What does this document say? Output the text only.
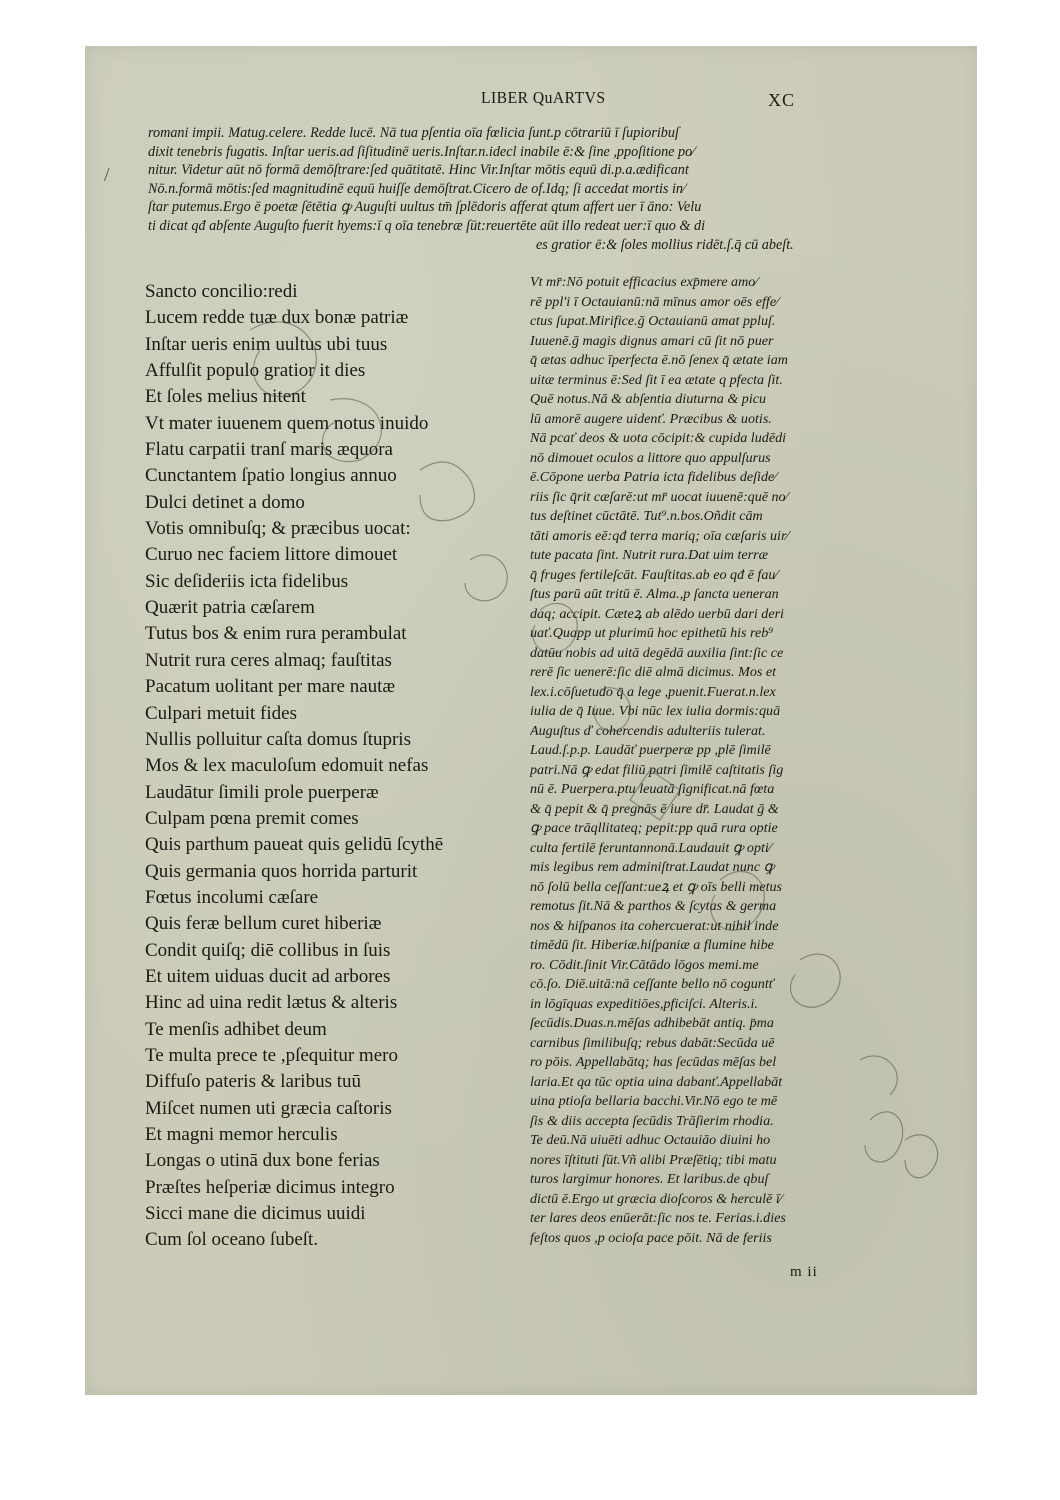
/
LIBER QuARTVS	XC
romani impii. Matug.celere. Redde lucē. Nā tua pſentia oīa fœlicia ſunt.p cōtrariū ī ſupioribuſ
dixit tenebris fugatis. Inſtar ueris.ad ſiſitudinē ueris.Inſtar.n.idecl inabile ē:& ſine ,ppoſitione po⁄
nitur. Videtur aūt nō formā demōſtrare:ſed quātitatē. Hinc Vir.Inſtar mōtis equū di.p.a.ædificant
Nō.n.formā mōtis:ſed magnitudinē equū huiſſe demōſtrat.Cicero de of.Idq; ſi accedat mortis in⁄
ſtar putemus.Ergo ē poetæ ſētētia ꝙ Auguſti uultus tm̄ ſplēdoris afferat qtum affert uer ī āno: Velu
ti dicat qđ abſente Auguſto fuerit hyems:ī q oīa tenebræ ſūt:reuertēte aūt illo redeat uer:ī quo & di
es gratior ē:& ſoles mollius ridēt.ſ.q̄ cū abeſt.
Sancto concilio:redi
Lucem redde tuæ dux bonæ patriæ
Inſtar ueris enim uultus ubi tuus
Affulſit populo gratior it dies
Et ſoles melius nitent
Vt mater iuuenem quem notus inuido
Flatu carpatii tranſ maris æquora
Cunctantem ſpatio longius annuo
Dulci detinet a domo
Votis omnibuſq; & præcibus uocat:
Curuo nec faciem littore dimouet
Sic deſideriis icta fidelibus
Quærit patria cæſarem
Tutus bos & enim rura perambulat
Nutrit rura ceres almaq; fauſtitas
Pacatum uolitant per mare nautæ
Culpari metuit fides
Nullis polluitur caſta domus ſtupris
Mos & lex maculoſum edomuit nefas
Laudātur ſimili prole puerperæ
Culpam pœna premit comes
Quis parthum paueat quis gelidū ſcythē
Quis germania quos horrida parturit
Fœtus incolumi cæſare
Quis feræ bellum curet hiberiæ
Condit quiſq; diē collibus in ſuis
Et uitem uiduas ducit ad arbores
Hinc ad uina redit lætus & alteris
Te menſis adhibet deum
Te multa prece te ,pſequitur mero
Diffuſo pateris & laribus tuū
Miſcet numen uti græcia caſtoris
Et magni memor herculis
Longas o utinā dux bone ferias
Præſtes heſperiæ dicimus integro
Sicci mane die dicimus uuidi
Cum ſol oceano ſubeſt.
Vt mr̄:Nō potuit efficacius exp̄mere amo⁄
rē ppl'i ī Octauianū:nā mīnus amor oēs effe⁄
ctus ſupat.Mirifice.ḡ Octauianū amat ppluſ.
Iuuenē.ḡ magis dignus amari cū ſit nō puer
q̄ ætas adhuc īperfecta ē.nō ſenex q̄ ætate iam
uitæ terminus ē:Sed ſit ī ea ætate q pfecta ſit.
Quē notus.Nā & abſentia diuturna & picu
lū amorē augere uidenť. Præcibus & uotis.
Nā pcať deos & uota cōcipit:& cupida ludēdi
nō dimouet oculos a littore quo appulſurus
ē.Cōpone uerba Patria icta fidelibus deſide⁄
riis ſic q̄rit cæſarē:ut mr̄ uocat iuuenē:quē no⁄
tus deſtinet cūctātē. Tut⁹.n.bos.Oñdit cām
tāti amoris eē:qđ terra mariq; oīa cæſaris uir⁄
tute pacata ſint. Nutrit rura.Dat uim terræ
q̄ fruges fertileſcāt. Fauſtitas.ab eo qđ ē fau⁄
ſtus parū aūt tritū ē. Alma.,p ſancta ueneran
daq; accipit. Cæteꝝ ab alēdo uerbū dari deri
uať.Quapp ut plurimū hoc epithetū his reb⁹
datūu nobis ad uitā degēdā auxilia ſint:ſic ce
rerē ſic uenerē:ſic diē almā dicimus. Mos et
lex.i.cōſuetudo q̄ a lege ,puenit.Fuerat.n.lex
iulia de q̄ Iuue. Vbi nūc lex iulia dormis:quā
Auguſtus ď cohercendis adulteriis tulerat.
Laud.ſ.p.p. Laudāť puerperæ pp ,plē ſimilē
patri.Nā ꝙ edat filiū patri ſimilē caſtitatis ſig
nū ē. Puerpera.ptu leuatā ſignificat.nā fœta
& q̄ pepit & q̄ pregnās ē iure dr̄. Laudat ḡ &
ꝙ pace trāqllitateq; pepit:pp quā rura optie
culta fertilē feruntannonā.Laudauit ꝙ opti⁄
mis legibus rem adminiſtrat.Laudat nunc ꝙ
nō ſolū bella ceſſant:ueꝝ et ꝙ oīs belli metus
remotus ſit.Nā & parthos & ſcytas & germa
nos & hiſpanos ita cohercuerat:ut nihil inde
timēdū ſit. Hiberiæ.hiſpaniæ a flumine hibe
ro. Cōdit.ſinit Vir.Cātādo lōgos memi.me
cō.ſo. Diē.uitā:nā ceſſante bello nō coguntť
in lōgīquas expeditiōes,pficiſci. Alteris.i.
ſecūdis.Duas.n.mēſas adhibebāt antiq. p̄ma
carnibus ſimilibuſq; rebus dabāt:Secūda uē
ro pōis. Appellabātq; has ſecūdas mēſas bel
laria.Et qa tūc optia uina dabanť.Appellabāt
uina ptioſa bellaria bacchi.Vir.Nō ego te mē
ſis & diis accepta ſecūdis Trāſierim rhodia.
Te deū.Nā uiuēti adhuc Octauiāo diuini ho
nores īſtituti ſūt.Vñ alibi Præſētiq; tibi matu
turos largimur honores. Et laribus.de qbuſ
dictū ē.Ergo ut græcia dioſcoros & herculē ī⁄
ter lares deos enūerāt:ſic nos te. Ferias.i.dies
feſtos quos ,p ocioſa pace pōit. Nā de feriis
m ii
